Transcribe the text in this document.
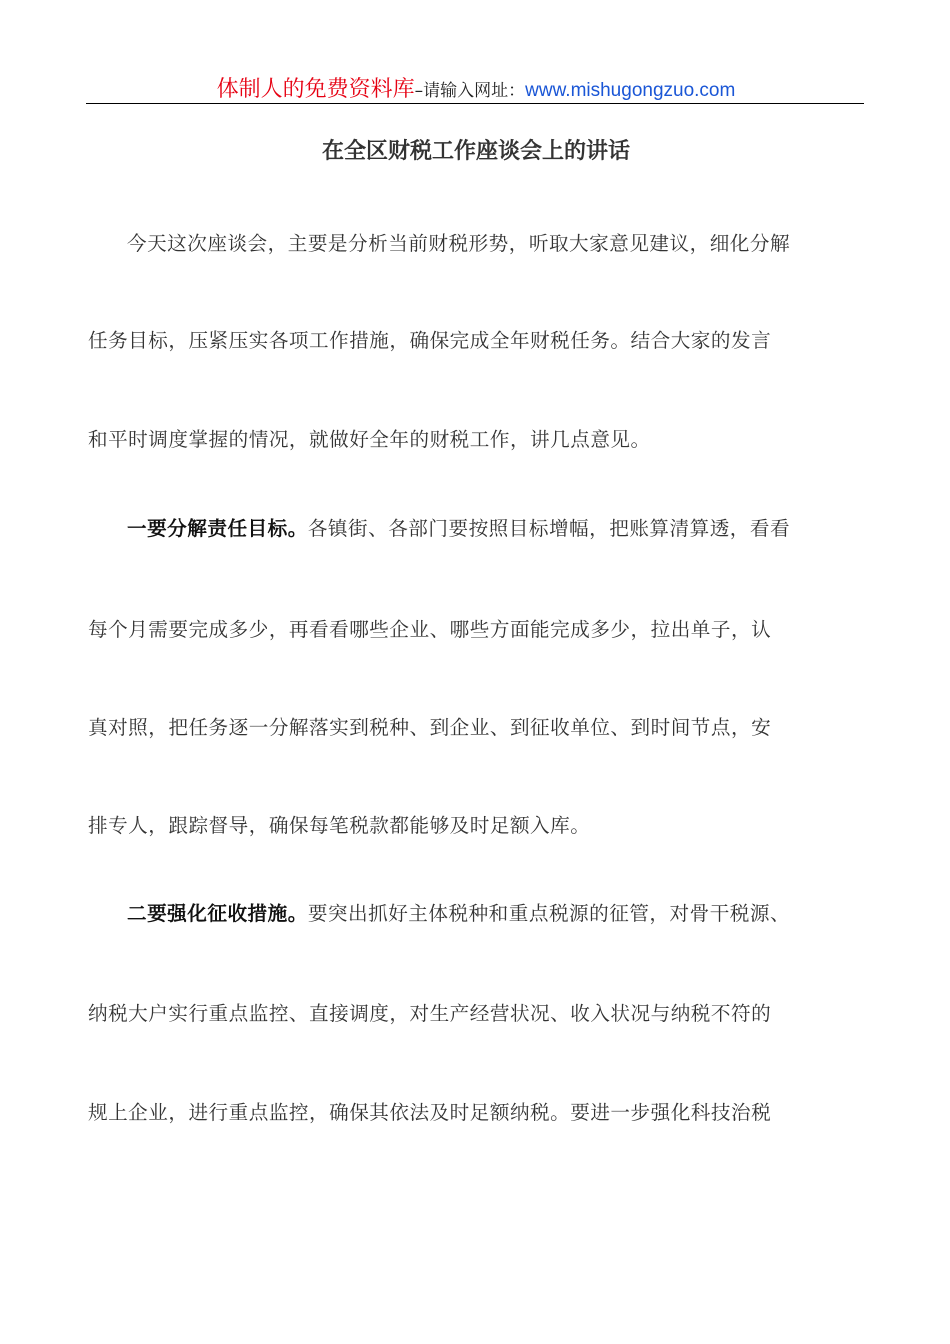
体制人的免费资料库–请输入网址：www.mishugongzuo.com
在全区财税工作座谈会上的讲话

今天这次座谈会，主要是分析当前财税形势，听取大家意见建议，细化分解

任务目标，压紧压实各项工作措施，确保完成全年财税任务。结合大家的发言

和平时调度掌握的情况，就做好全年的财税工作，讲几点意见。

一要分解责任目标。各镇街、各部门要按照目标增幅，把账算清算透，看看

每个月需要完成多少，再看看哪些企业、哪些方面能完成多少，拉出单子，认

真对照，把任务逐一分解落实到税种、到企业、到征收单位、到时间节点，安

排专人，跟踪督导，确保每笔税款都能够及时足额入库。

二要强化征收措施。要突出抓好主体税种和重点税源的征管，对骨干税源、

纳税大户实行重点监控、直接调度，对生产经营状况、收入状况与纳税不符的

规上企业，进行重点监控，确保其依法及时足额纳税。要进一步强化科技治税
